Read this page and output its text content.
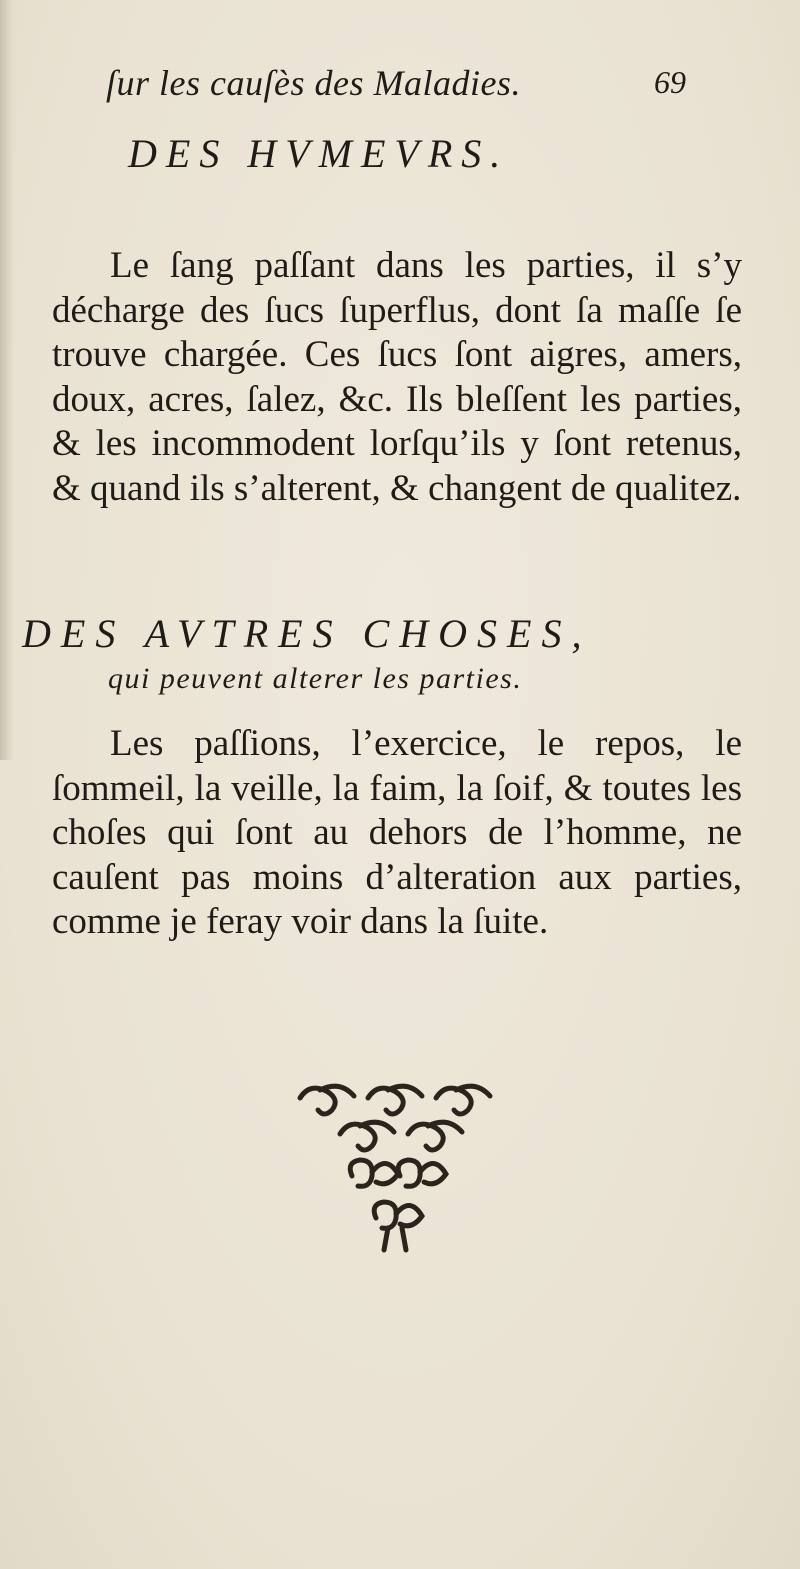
ſur les cauſès des Maladies.	69
DES HVMEVRS.

Le ſang paſſant dans les parties, il s’y décharge des ſucs ſuperflus, dont ſa maſſe ſe trouve chargée. Ces ſucs ſont aigres, amers, doux, acres, ſalez, &c. Ils bleſſent les parties, & les incommodent lorſqu’ils y ſont retenus, & quand ils s’alterent, & changent de qualitez.

DES AVTRES CHOSES,
qui peuvent alterer les parties.

Les paſſions, l’exercice, le repos, le ſommeil, la veille, la faim, la ſoif, & toutes les choſes qui ſont au dehors de l’homme, ne cauſent pas moins d’alteration aux parties, comme je feray voir dans la ſuite.
